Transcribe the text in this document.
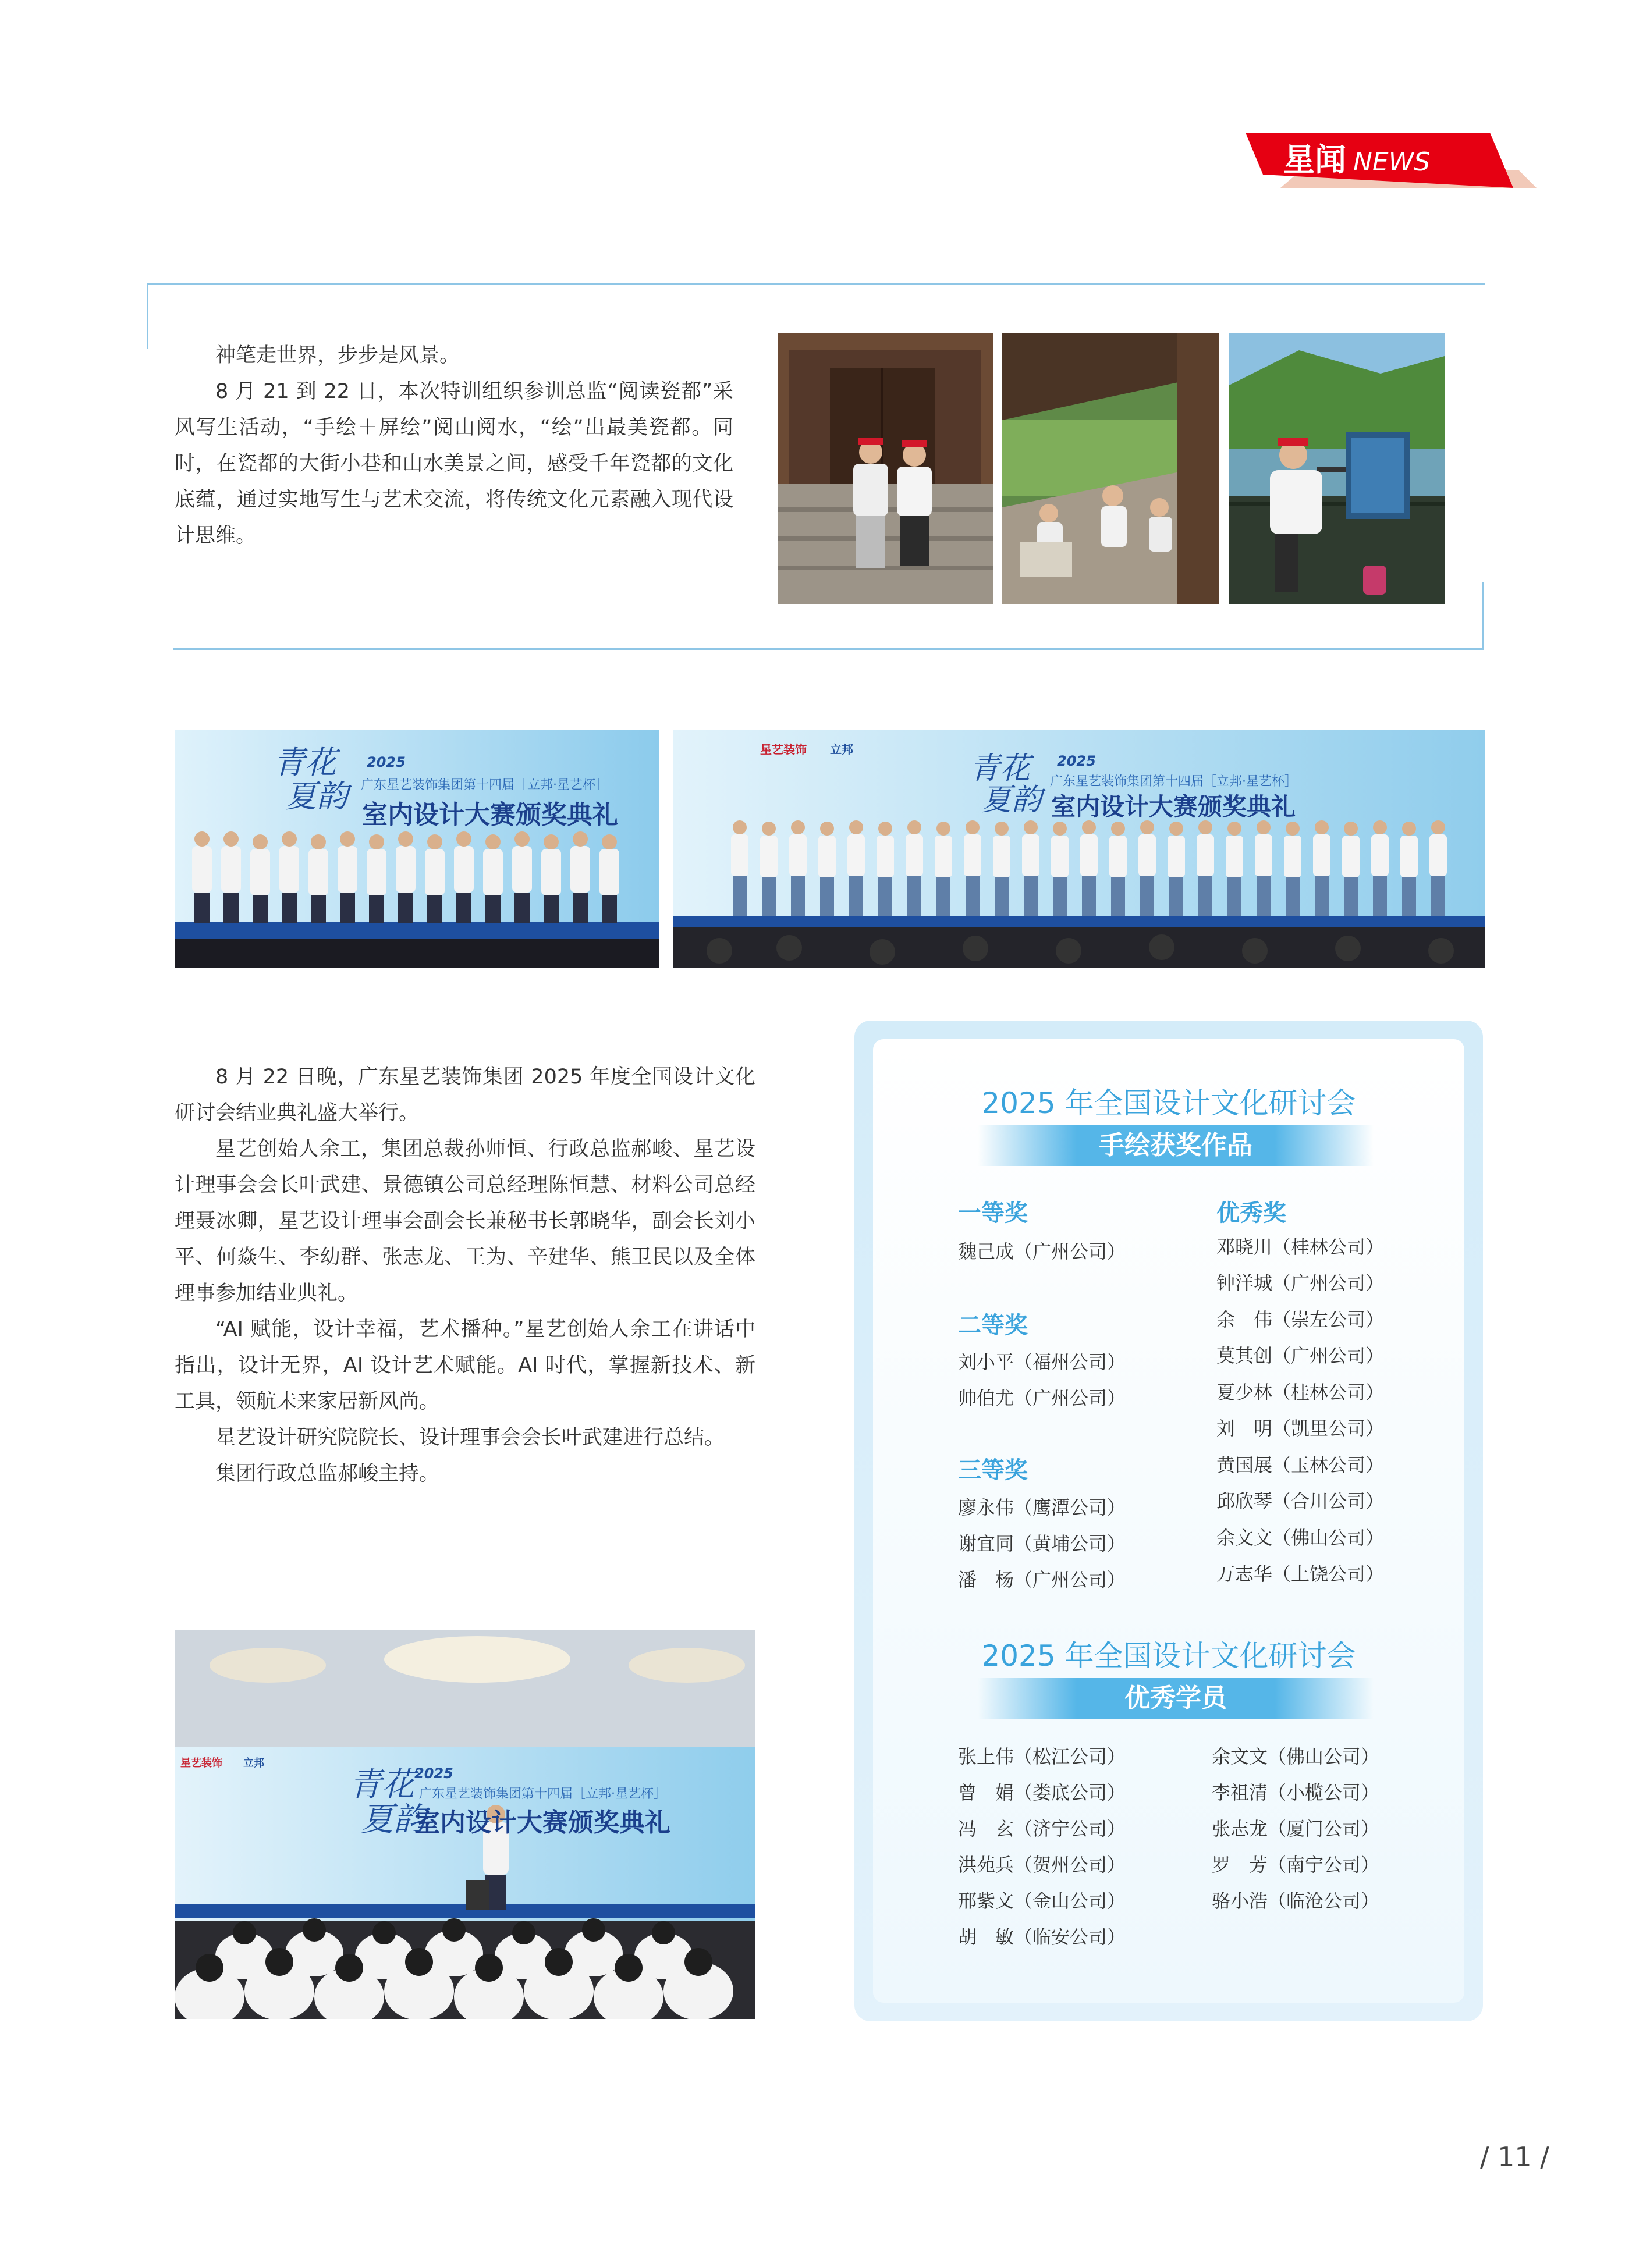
星闻 NEWS

神笔走世界，步步是风景。

8 月 21 到 22 日，本次特训组织参训总监“阅读瓷都”采风写生活动，“手绘＋屏绘”阅山阅水，“绘”出最美瓷都。同时，在瓷都的大街小巷和山水美景之间，感受千年瓷都的文化底蕴，通过实地写生与艺术交流，将传统文化元素融入现代设计思维。

青花
夏韵
2025
广东星艺装饰集团第十四届［立邦·星艺杯］
室内设计大赛颁奖典礼
星艺装饰 立邦
青花
夏韵
2025
广东星艺装饰集团第十四届［立邦·星艺杯］
室内设计大赛颁奖典礼

8 月 22 日晚，广东星艺装饰集团 2025 年度全国设计文化研讨会结业典礼盛大举行。

星艺创始人余工，集团总裁孙师恒、行政总监郝峻、星艺设计理事会会长叶武建、景德镇公司总经理陈恒慧、材料公司总经理聂冰卿，星艺设计理事会副会长兼秘书长郭晓华，副会长刘小平、何焱生、李幼群、张志龙、王为、辛建华、熊卫民以及全体理事参加结业典礼。

“AI 赋能，设计幸福，艺术播种。”星艺创始人余工在讲话中指出，设计无界，AI 设计艺术赋能。AI 时代，掌握新技术、新工具，领航未来家居新风尚。

星艺设计研究院院长、设计理事会会长叶武建进行总结。

集团行政总监郝峻主持。

星艺装饰 立邦
青花
夏韵
2025
广东星艺装饰集团第十四届［立邦·星艺杯］
室内设计大赛颁奖典礼
2025 年全国设计文化研讨会
手绘获奖作品
一等奖
魏己成（广州公司）
二等奖
刘小平（福州公司）
帅伯尤（广州公司）
三等奖
廖永伟（鹰潭公司）
谢宜同（黄埔公司）
潘　杨（广州公司）
优秀奖
邓晓川（桂林公司）
钟洋城（广州公司）
余　伟（崇左公司）
莫其创（广州公司）
夏少林（桂林公司）
刘　明（凯里公司）
黄国展（玉林公司）
邱欣琴（合川公司）
余文文（佛山公司）
万志华（上饶公司）
2025 年全国设计文化研讨会
优秀学员
张上伟（松江公司）
曾　娟（娄底公司）
冯　玄（济宁公司）
洪苑兵（贺州公司）
邢紫文（金山公司）
胡　敏（临安公司）
余文文（佛山公司）
李祖清（小榄公司）
张志龙（厦门公司）
罗　芳（南宁公司）
骆小浩（临沧公司）
/ 11 /
